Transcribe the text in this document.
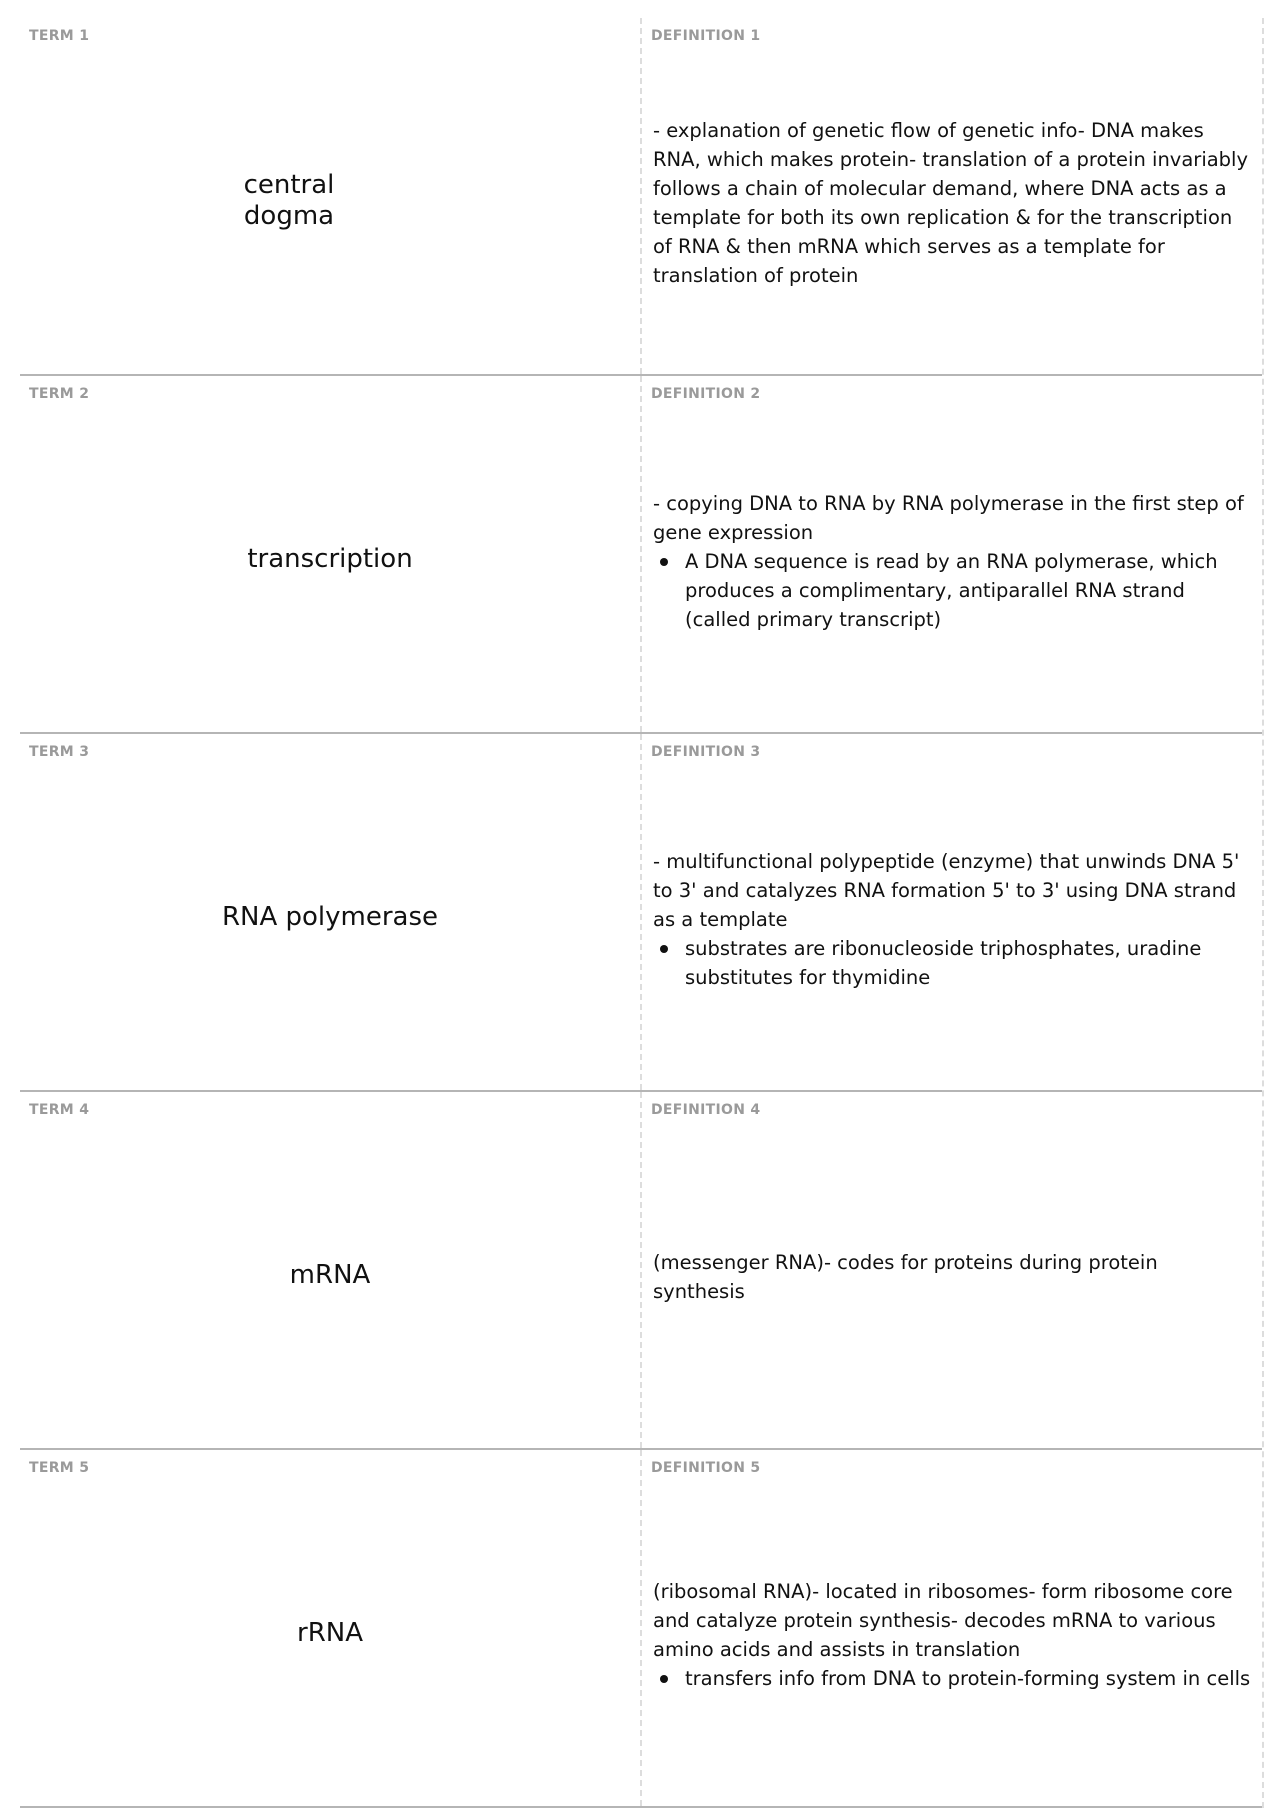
TERM 1
central dogma
DEFINITION 1

- explanation of genetic flow of genetic info- DNA makes RNA, which makes protein- translation of a protein invariably follows a chain of molecular demand, where DNA acts as a template for both its own replication & for the transcription of RNA & then mRNA which serves as a template for translation of protein

TERM 2
transcription
DEFINITION 2

- copying DNA to RNA by RNA polymerase in the first step of gene expression

A DNA sequence is read by an RNA polymerase, which produces a complimentary, antiparallel RNA strand (called primary transcript)
TERM 3
RNA polymerase
DEFINITION 3

- multifunctional polypeptide (enzyme) that unwinds DNA 5' to 3' and catalyzes RNA formation 5' to 3' using DNA strand as a template

substrates are ribonucleoside triphosphates, uradine substitutes for thymidine
TERM 4
mRNA
DEFINITION 4

(messenger RNA)- codes for proteins during protein synthesis

TERM 5
rRNA
DEFINITION 5

(ribosomal RNA)- located in ribosomes- form ribosome core and catalyze protein synthesis- decodes mRNA to various amino acids and assists in translation

transfers info from DNA to protein-forming system in cells
